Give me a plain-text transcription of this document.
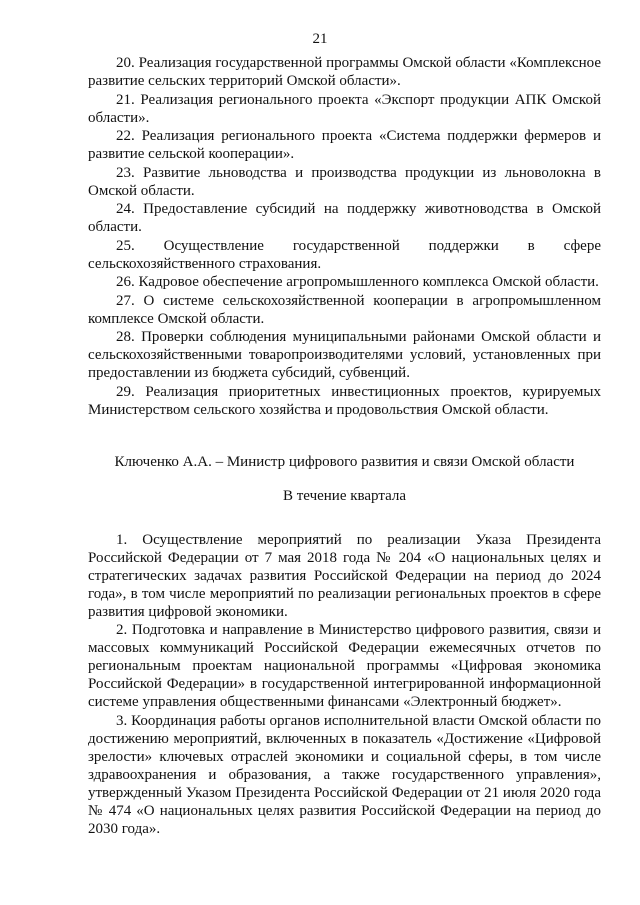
21

20. Реализация государственной программы Омской области «Комплексное развитие сельских территорий Омской области».

21. Реализация регионального проекта «Экспорт продукции АПК Омской области».

22. Реализация регионального проекта «Система поддержки фермеров и развитие сельской кооперации».

23. Развитие льноводства и производства продукции из льноволокна в Омской области.

24. Предоставление субсидий на поддержку животноводства в Омской области.

25. Осуществление государственной поддержки в сфере сельскохозяйственного страхования.

26. Кадровое обеспечение агропромышленного комплекса Омской области.

27. О системе сельскохозяйственной кооперации в агропромышленном комплексе Омской области.

28. Проверки соблюдения муниципальными районами Омской области и сельскохозяйственными товаропроизводителями условий, установленных при предоставлении из бюджета субсидий, субвенций.

29. Реализация приоритетных инвестиционных проектов, курируемых Министерством сельского хозяйства и продовольствия Омской области.

Ключенко А.А. – Министр цифрового развития и связи Омской области

В течение квартала

1. Осуществление мероприятий по реализации Указа Президента Российской Федерации от 7 мая 2018 года № 204 «О национальных целях и стратегических задачах развития Российской Федерации на период до 2024 года», в том числе мероприятий по реализации региональных проектов в сфере развития цифровой экономики.

2. Подготовка и направление в Министерство цифрового развития, связи и массовых коммуникаций Российской Федерации ежемесячных отчетов по региональным проектам национальной программы «Цифровая экономика Российской Федерации» в государственной интегрированной информационной системе управления общественными финансами «Электронный бюджет».

3. Координация работы органов исполнительной власти Омской области по достижению мероприятий, включенных в показатель «Достижение «Цифровой зрелости» ключевых отраслей экономики и социальной сферы, в том числе здравоохранения и образования, а также государственного управления», утвержденный Указом Президента Российской Федерации от 21 июля 2020 года № 474 «О национальных целях развития Российской Федерации на период до 2030 года».
